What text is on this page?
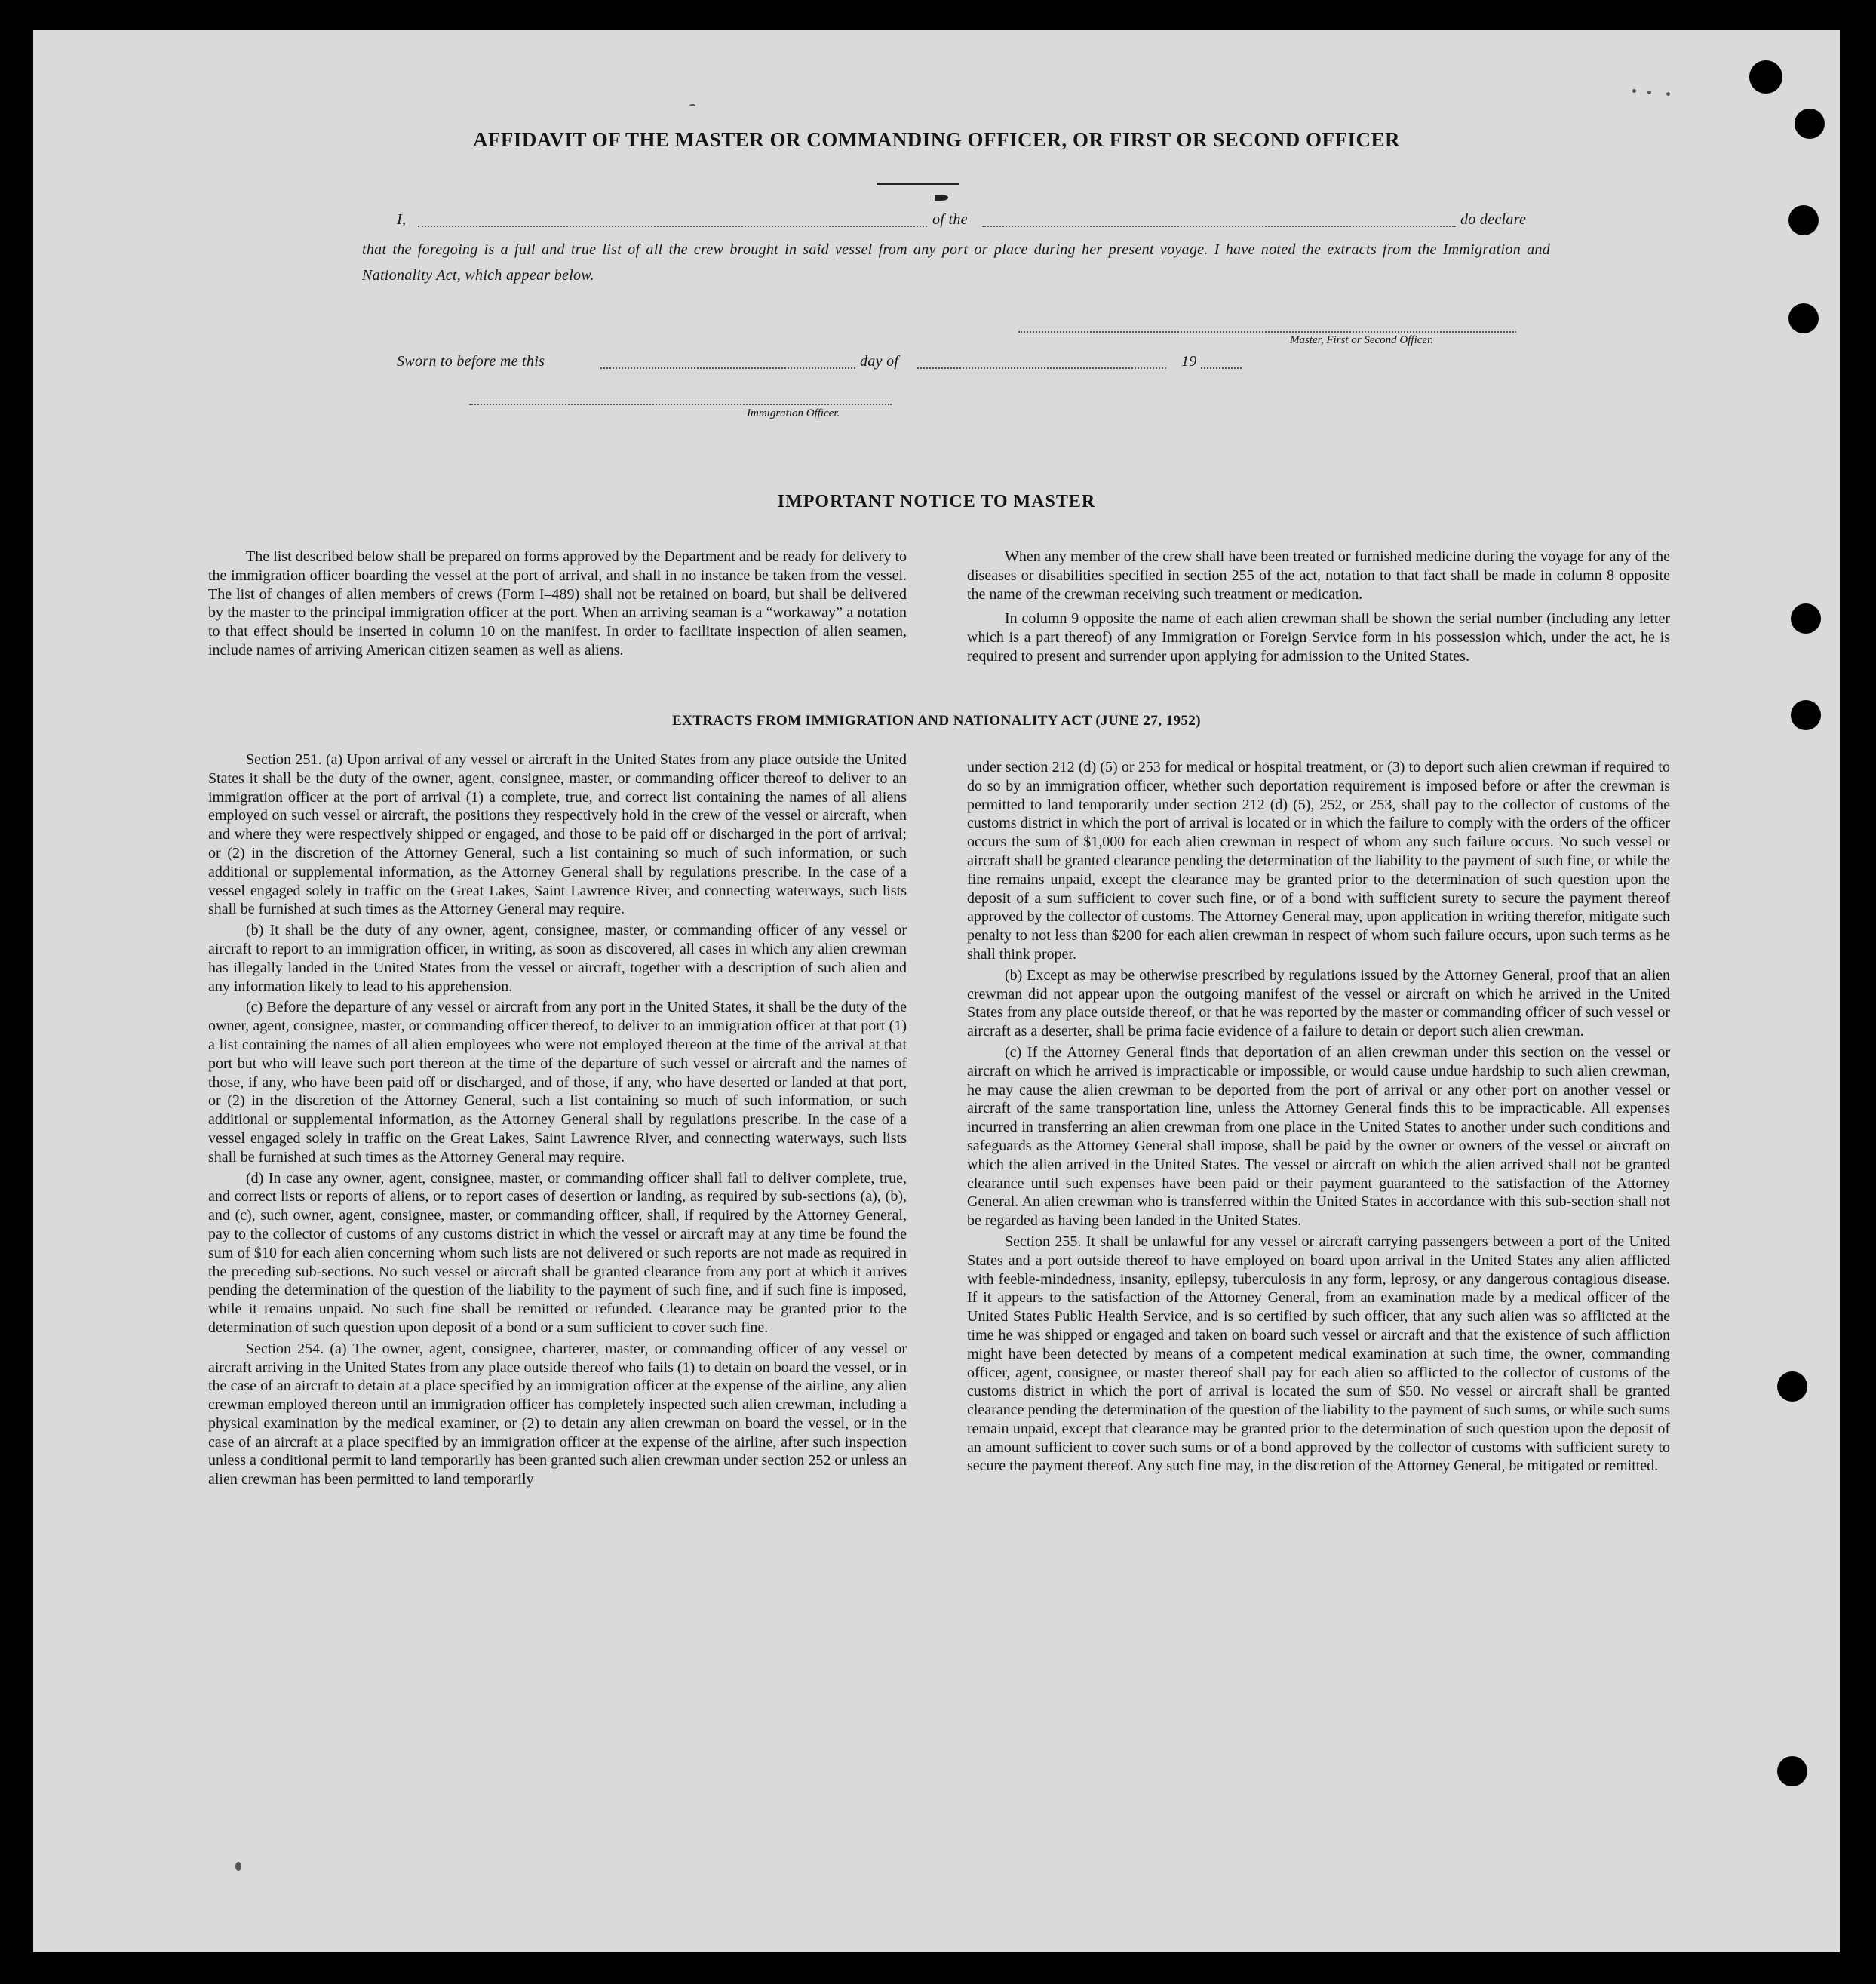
AFFIDAVIT OF THE MASTER OR COMMANDING OFFICER, OR FIRST OR SECOND OFFICER
I,	of the	do declare
that the foregoing is a full and true list of all the crew brought in said vessel from any port or place during her present voyage. I have noted the extracts from the Immigration and Nationality Act, which appear below.
Master, First or Second Officer.
Sworn to before me this	day of	19
Immigration Officer.
IMPORTANT NOTICE TO MASTER

The list described below shall be prepared on forms approved by the Department and be ready for delivery to the immigration officer boarding the vessel at the port of arrival, and shall in no instance be taken from the vessel. The list of changes of alien members of crews (Form I–489) shall not be retained on board, but shall be delivered by the master to the principal immigration officer at the port. When an arriving seaman is a “workaway” a notation to that effect should be inserted in column 10 on the manifest. In order to facilitate inspection of alien seamen, include names of arriving American citizen seamen as well as aliens.

When any member of the crew shall have been treated or furnished medicine during the voyage for any of the diseases or disabilities specified in section 255 of the act, notation to that fact shall be made in column 8 opposite the name of the crewman receiving such treatment or medication.

In column 9 opposite the name of each alien crewman shall be shown the serial number (including any letter which is a part thereof) of any Immigration or Foreign Service form in his possession which, under the act, he is required to present and surrender upon applying for admission to the United States.

EXTRACTS FROM IMMIGRATION AND NATIONALITY ACT (JUNE 27, 1952)

Section 251. (a) Upon arrival of any vessel or aircraft in the United States from any place outside the United States it shall be the duty of the owner, agent, consignee, master, or commanding officer thereof to deliver to an immigration officer at the port of arrival (1) a complete, true, and correct list containing the names of all aliens employed on such vessel or aircraft, the positions they respectively hold in the crew of the vessel or aircraft, when and where they were respectively shipped or engaged, and those to be paid off or discharged in the port of arrival; or (2) in the discretion of the Attorney General, such a list containing so much of such information, or such additional or supplemental information, as the Attorney General shall by regulations prescribe. In the case of a vessel engaged solely in traffic on the Great Lakes, Saint Lawrence River, and connecting waterways, such lists shall be furnished at such times as the Attorney General may require.

(b) It shall be the duty of any owner, agent, consignee, master, or commanding officer of any vessel or aircraft to report to an immigration officer, in writing, as soon as discovered, all cases in which any alien crewman has illegally landed in the United States from the vessel or aircraft, together with a description of such alien and any information likely to lead to his apprehension.

(c) Before the departure of any vessel or aircraft from any port in the United States, it shall be the duty of the owner, agent, consignee, master, or commanding officer thereof, to deliver to an immigration officer at that port (1) a list containing the names of all alien employees who were not employed thereon at the time of the arrival at that port but who will leave such port thereon at the time of the departure of such vessel or aircraft and the names of those, if any, who have been paid off or discharged, and of those, if any, who have deserted or landed at that port, or (2) in the discretion of the Attorney General, such a list containing so much of such information, or such additional or supplemental information, as the Attorney General shall by regulations prescribe. In the case of a vessel engaged solely in traffic on the Great Lakes, Saint Lawrence River, and connecting waterways, such lists shall be furnished at such times as the Attorney General may require.

(d) In case any owner, agent, consignee, master, or commanding officer shall fail to deliver complete, true, and correct lists or reports of aliens, or to report cases of desertion or landing, as required by sub-sections (a), (b), and (c), such owner, agent, consignee, master, or commanding officer, shall, if required by the Attorney General, pay to the collector of customs of any customs district in which the vessel or aircraft may at any time be found the sum of $10 for each alien concerning whom such lists are not delivered or such reports are not made as required in the preceding sub-sections. No such vessel or aircraft shall be granted clearance from any port at which it arrives pending the determination of the question of the liability to the payment of such fine, and if such fine is imposed, while it remains unpaid. No such fine shall be remitted or refunded. Clearance may be granted prior to the determination of such question upon deposit of a bond or a sum sufficient to cover such fine.

Section 254. (a) The owner, agent, consignee, charterer, master, or commanding officer of any vessel or aircraft arriving in the United States from any place outside thereof who fails (1) to detain on board the vessel, or in the case of an aircraft to detain at a place specified by an immigration officer at the expense of the airline, any alien crewman employed thereon until an immigration officer has completely inspected such alien crewman, including a physical examination by the medical examiner, or (2) to detain any alien crewman on board the vessel, or in the case of an aircraft at a place specified by an immigration officer at the expense of the airline, after such inspection unless a conditional permit to land temporarily has been granted such alien crewman under section 252 or unless an alien crewman has been permitted to land temporarily

under section 212 (d) (5) or 253 for medical or hospital treatment, or (3) to deport such alien crewman if required to do so by an immigration officer, whether such deportation requirement is imposed before or after the crewman is permitted to land temporarily under section 212 (d) (5), 252, or 253, shall pay to the collector of customs of the customs district in which the port of arrival is located or in which the failure to comply with the orders of the officer occurs the sum of $1,000 for each alien crewman in respect of whom any such failure occurs. No such vessel or aircraft shall be granted clearance pending the determination of the liability to the payment of such fine, or while the fine remains unpaid, except the clearance may be granted prior to the determination of such question upon the deposit of a sum sufficient to cover such fine, or of a bond with sufficient surety to secure the payment thereof approved by the collector of customs. The Attorney General may, upon application in writing therefor, mitigate such penalty to not less than $200 for each alien crewman in respect of whom such failure occurs, upon such terms as he shall think proper.

(b) Except as may be otherwise prescribed by regulations issued by the Attorney General, proof that an alien crewman did not appear upon the outgoing manifest of the vessel or aircraft on which he arrived in the United States from any place outside thereof, or that he was reported by the master or commanding officer of such vessel or aircraft as a deserter, shall be prima facie evidence of a failure to detain or deport such alien crewman.

(c) If the Attorney General finds that deportation of an alien crewman under this section on the vessel or aircraft on which he arrived is impracticable or impossible, or would cause undue hardship to such alien crewman, he may cause the alien crewman to be deported from the port of arrival or any other port on another vessel or aircraft of the same transportation line, unless the Attorney General finds this to be impracticable. All expenses incurred in transferring an alien crewman from one place in the United States to another under such conditions and safeguards as the Attorney General shall impose, shall be paid by the owner or owners of the vessel or aircraft on which the alien arrived in the United States. The vessel or aircraft on which the alien arrived shall not be granted clearance until such expenses have been paid or their payment guaranteed to the satisfaction of the Attorney General. An alien crewman who is transferred within the United States in accordance with this sub-section shall not be regarded as having been landed in the United States.

Section 255. It shall be unlawful for any vessel or aircraft carrying passengers between a port of the United States and a port outside thereof to have employed on board upon arrival in the United States any alien afflicted with feeble-mindedness, insanity, epilepsy, tuberculosis in any form, leprosy, or any dangerous contagious disease. If it appears to the satisfaction of the Attorney General, from an examination made by a medical officer of the United States Public Health Service, and is so certified by such officer, that any such alien was so afflicted at the time he was shipped or engaged and taken on board such vessel or aircraft and that the existence of such affliction might have been detected by means of a competent medical examination at such time, the owner, commanding officer, agent, consignee, or master thereof shall pay for each alien so afflicted to the collector of customs of the customs district in which the port of arrival is located the sum of $50. No vessel or aircraft shall be granted clearance pending the determination of the question of the liability to the payment of such sums, or while such sums remain unpaid, except that clearance may be granted prior to the determination of such question upon the deposit of an amount sufficient to cover such sums or of a bond approved by the collector of customs with sufficient surety to secure the payment thereof. Any such fine may, in the discretion of the Attorney General, be mitigated or remitted.
